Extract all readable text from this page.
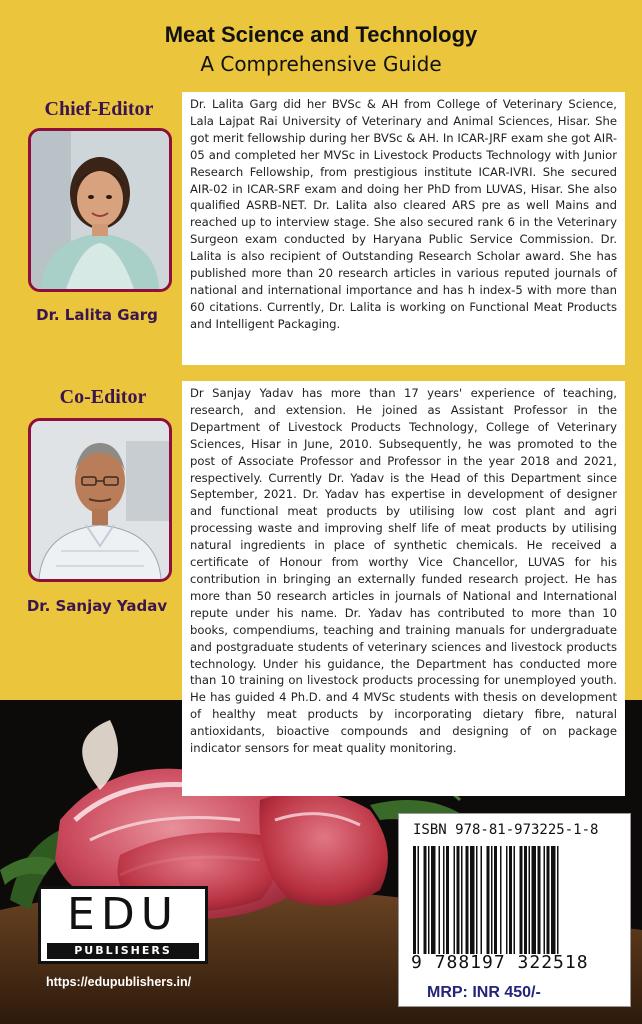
Meat Science and Technology
A Comprehensive Guide
Chief-Editor
Dr. Lalita Garg
Dr. Lalita Garg did her BVSc & AH from College of Veterinary Science, Lala Lajpat Rai University of Veterinary and Animal Sciences, Hisar. She got merit fellowship during her BVSc & AH. In ICAR-JRF exam she got AIR-05 and completed her MVSc in Livestock Products Technology with Junior Research Fellowship, from prestigious institute ICAR-IVRI. She secured AIR-02 in ICAR-SRF exam and doing her PhD from LUVAS, Hisar. She also qualified ASRB-NET. Dr. Lalita also cleared ARS pre as well Mains and reached up to interview stage. She also secured rank 6 in the Veterinary Surgeon exam conducted by Haryana Public Service Commission. Dr. Lalita is also recipient of Outstanding Research Scholar award. She has published more than 20 research articles in various reputed journals of national and international importance and has h index-5 with more than 60 citations. Currently, Dr. Lalita is working on Functional Meat Products and Intelligent Packaging.
Co-Editor
Dr. Sanjay Yadav
Dr Sanjay Yadav has more than 17 years' experience of teaching, research, and extension. He joined as Assistant Professor in the Department of Livestock Products Technology, College of Veterinary Sciences, Hisar in June, 2010. Subsequently, he was promoted to the post of Associate Professor and Professor in the year 2018 and 2021, respectively. Currently Dr. Yadav is the Head of this Department since September, 2021. Dr. Yadav has expertise in development of designer and functional meat products by utilising low cost plant and agri processing waste and improving shelf life of meat products by utilising natural ingredients in place of synthetic chemicals. He received a certificate of Honour from worthy Vice Chancellor, LUVAS for his contribution in bringing an externally funded research project. He has more than 50 research articles in journals of National and International repute under his name. Dr. Yadav has contributed to more than 10 books, compendiums, teaching and training manuals for undergraduate and postgraduate students of veterinary sciences and livestock products technology. Under his guidance, the Department has conducted more than 10 training on livestock products processing for unemployed youth. He has guided 4 Ph.D. and 4 MVSc students with thesis on development of healthy meat products by incorporating dietary fibre, natural antioxidants, bioactive compounds and designing of on package indicator sensors for meat quality monitoring.
EDU
PUBLISHERS
https://edupublishers.in/
ISBN 978-81-973225-1-8
9 788197 322518
MRP: INR 450/-
